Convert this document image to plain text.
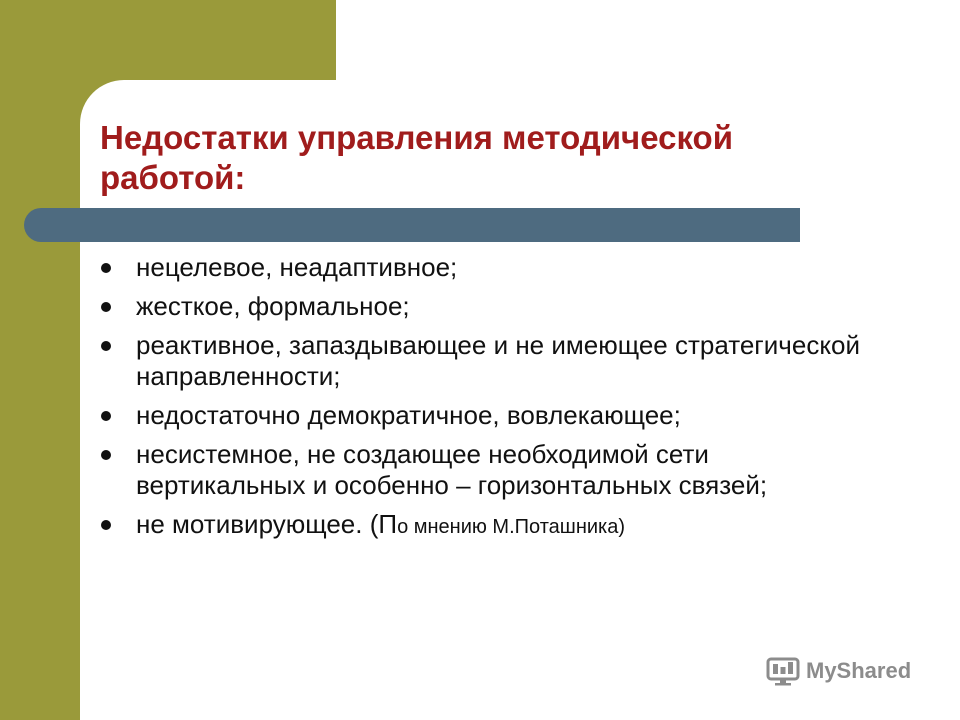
Недостатки управления методической работой:
нецелевое, неадаптивное;
жесткое, формальное;
реактивное, запаздывающее и не имеющее стратегической направленности;
недостаточно демократичное, вовлекающее;
несистемное, не создающее необходимой сети вертикальных и особенно – горизонтальных связей;
не мотивирующее. (По мнению М.Поташника)
MyShared
